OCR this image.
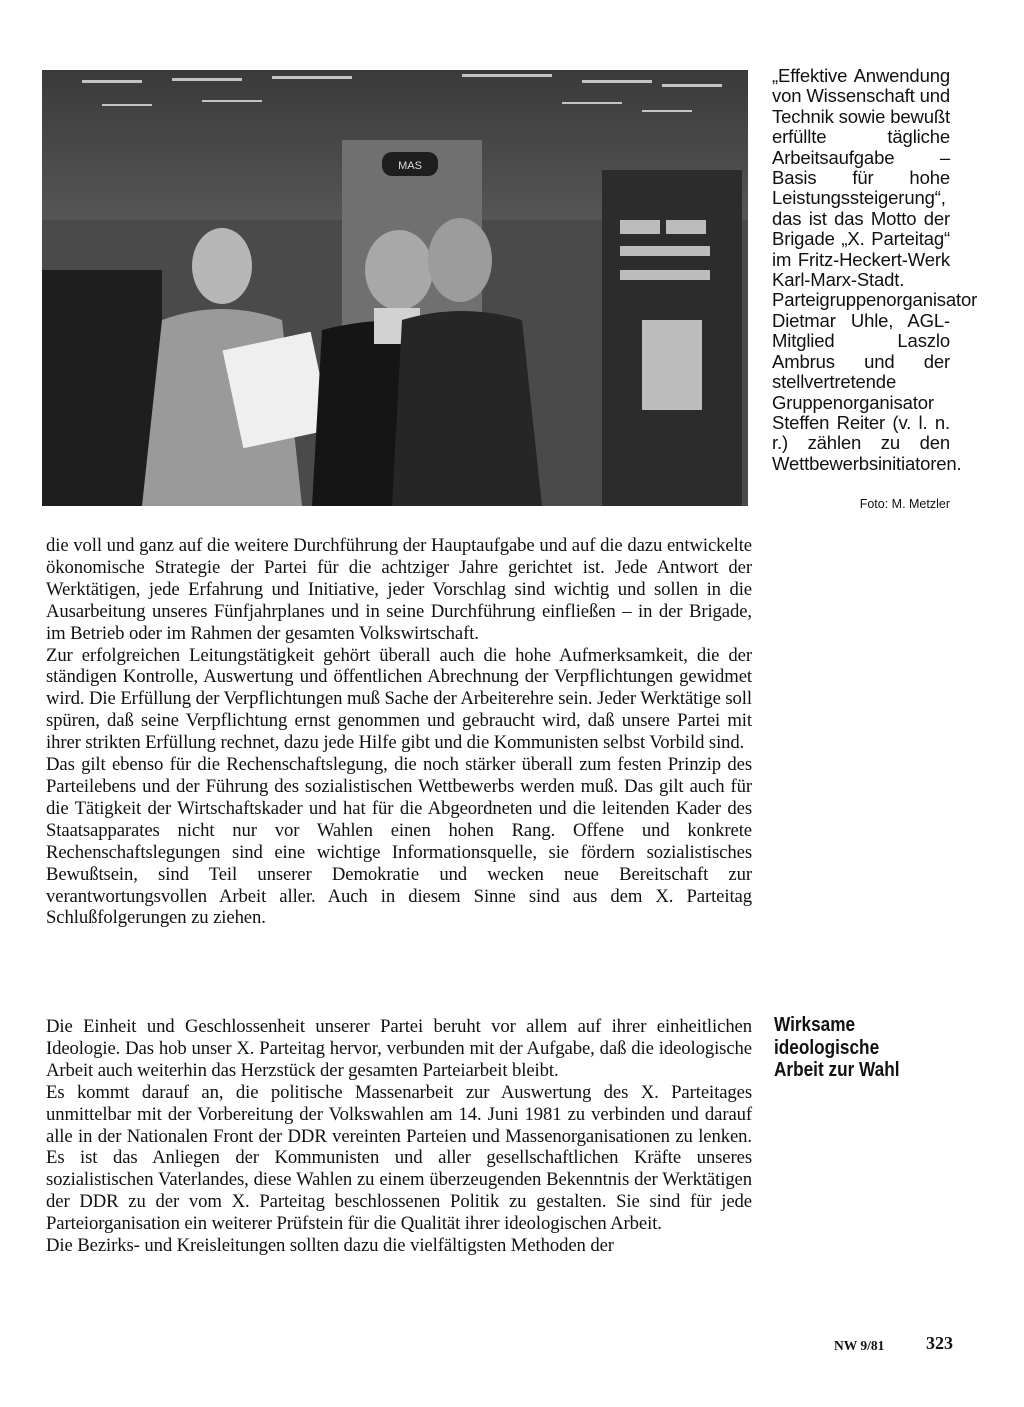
MAS

„Effektive Anwendung von Wissenschaft und Technik sowie bewußt erfüllte tägliche Arbeitsaufgabe – Basis für hohe Leistungssteigerung“, das ist das Motto der Brigade „X. Parteitag“ im Fritz-Heckert-Werk Karl-Marx-Stadt. Parteigruppenorganisator Dietmar Uhle, AGL-Mitglied Laszlo Ambrus und der stellvertretende Gruppenorganisator Steffen Reiter (v. l. n. r.) zählen zu den Wettbewerbsinitiatoren.

Foto: M. Metzler

die voll und ganz auf die weitere Durchführung der Hauptaufgabe und auf die dazu entwickelte ökonomische Strategie der Partei für die achtziger Jahre gerichtet ist. Jede Antwort der Werktätigen, jede Erfahrung und Initiative, jeder Vorschlag sind wichtig und sollen in die Ausarbeitung unseres Fünfjahrplanes und in seine Durchführung einfließen – in der Brigade, im Betrieb oder im Rahmen der gesamten Volkswirtschaft.

Zur erfolgreichen Leitungstätigkeit gehört überall auch die hohe Aufmerksamkeit, die der ständigen Kontrolle, Auswertung und öffentlichen Abrechnung der Verpflichtungen gewidmet wird. Die Erfüllung der Verpflichtungen muß Sache der Arbeiterehre sein. Jeder Werktätige soll spüren, daß seine Verpflichtung ernst genommen und gebraucht wird, daß unsere Partei mit ihrer strikten Erfüllung rechnet, dazu jede Hilfe gibt und die Kommunisten selbst Vorbild sind.

Das gilt ebenso für die Rechenschaftslegung, die noch stärker überall zum festen Prinzip des Parteilebens und der Führung des sozialistischen Wettbewerbs werden muß. Das gilt auch für die Tätigkeit der Wirtschaftskader und hat für die Abgeordneten und die leitenden Kader des Staatsapparates nicht nur vor Wahlen einen hohen Rang. Offene und konkrete Rechenschaftslegungen sind eine wichtige Informationsquelle, sie fördern sozialistisches Bewußtsein, sind Teil unserer Demokratie und wecken neue Bereitschaft zur verantwortungsvollen Arbeit aller. Auch in diesem Sinne sind aus dem X. Parteitag Schlußfolgerungen zu ziehen.

Die Einheit und Geschlossenheit unserer Partei beruht vor allem auf ihrer einheitlichen Ideologie. Das hob unser X. Parteitag hervor, verbunden mit der Aufgabe, daß die ideologische Arbeit auch weiterhin das Herzstück der gesamten Parteiarbeit bleibt.

Es kommt darauf an, die politische Massenarbeit zur Auswertung des X. Parteitages unmittelbar mit der Vorbereitung der Volkswahlen am 14. Juni 1981 zu verbinden und darauf alle in der Nationalen Front der DDR vereinten Parteien und Massenorganisationen zu lenken. Es ist das Anliegen der Kommunisten und aller gesellschaftlichen Kräfte unseres sozialistischen Vaterlandes, diese Wahlen zu einem überzeugenden Bekenntnis der Werktätigen der DDR zu der vom X. Parteitag beschlossenen Politik zu gestalten. Sie sind für jede Parteiorganisation ein weiterer Prüfstein für die Qualität ihrer ideologischen Arbeit.

Die Bezirks- und Kreisleitungen sollten dazu die vielfältigsten Methoden der

Wirksame
ideologische
Arbeit zur Wahl
NW 9/81 323
